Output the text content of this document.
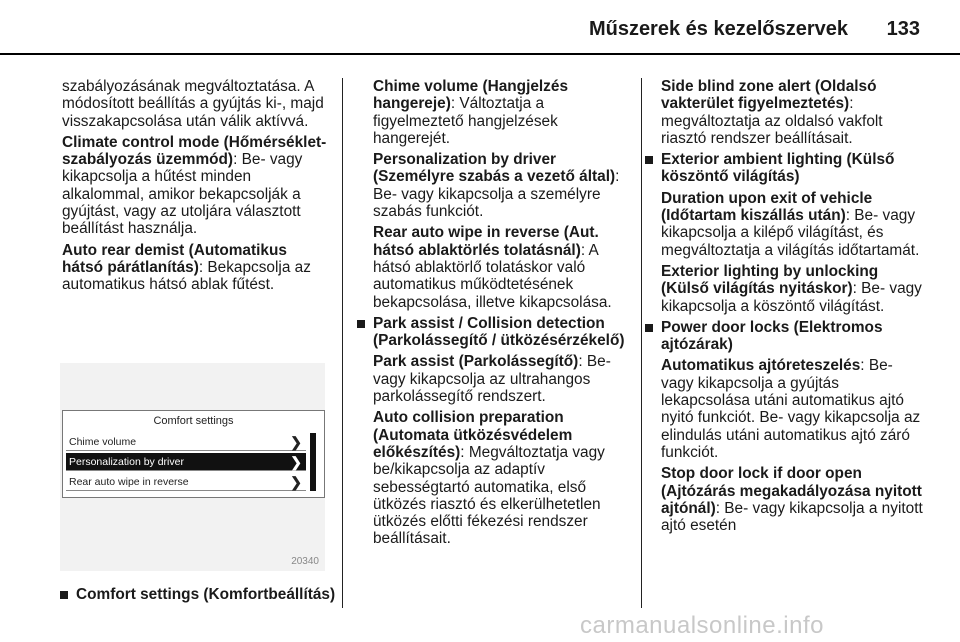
Műszerek és kezelőszervek 133

szabályozásának megváltoztatása. A módosított beállítás a gyújtás ki-, majd visszakapcsolása után válik aktívvá.

Climate control mode (Hőmérséklet-szabályozás üzemmód): Be- vagy kikapcsolja a hűtést minden alkalommal, amikor bekapcsolják a gyújtást, vagy az utoljára választott beállítást használja.

Auto rear demist (Automatikus hátsó párátlanítás): Bekapcsolja az automatikus hátsó ablak fűtést.

Comfort settings
Chime volume	❯
Personalization by driver	❯
Rear auto wipe in reverse	❯
20340
Comfort settings (Komfortbeállítás)

Chime volume (Hangjelzés hangereje): Változtatja a figyelmeztető hangjelzések hangerejét.

Personalization by driver (Személyre szabás a vezető által): Be- vagy kikapcsolja a személyre szabás funkciót.

Rear auto wipe in reverse (Aut. hátsó ablaktörlés tolatásnál): A hátsó ablaktörlő tolatáskor való automatikus működtetésének bekapcsolása, illetve kikapcsolása.

Park assist / Collision detection (Parkolássegítő / ütközésérzékelő)

Park assist (Parkolássegítő): Be- vagy kikapcsolja az ultrahangos parkolássegítő rendszert.

Auto collision preparation (Automata ütközésvédelem előkészítés): Megváltoztatja vagy be/kikapcsolja az adaptív sebességtartó automatika, első ütközés riasztó és elkerülhetetlen ütközés előtti fékezési rendszer beállításait.

Side blind zone alert (Oldalsó vakterület figyelmeztetés): megváltoztatja az oldalsó vakfolt riasztó rendszer beállításait.

Exterior ambient lighting (Külső köszöntő világítás)

Duration upon exit of vehicle (Időtartam kiszállás után): Be- vagy kikapcsolja a kilépő világítást, és megváltoztatja a világítás időtartamát.

Exterior lighting by unlocking (Külső világítás nyitáskor): Be- vagy kikapcsolja a köszöntő világítást.

Power door locks (Elektromos ajtózárak)

Automatikus ajtóreteszelés: Be- vagy kikapcsolja a gyújtás lekapcsolása utáni automatikus ajtó nyitó funkciót. Be- vagy kikapcsolja az elindulás utáni automatikus ajtó záró funkciót.

Stop door lock if door open (Ajtózárás megakadályozása nyitott ajtónál): Be- vagy kikapcsolja a nyitott ajtó esetén

carmanualsonline.info
